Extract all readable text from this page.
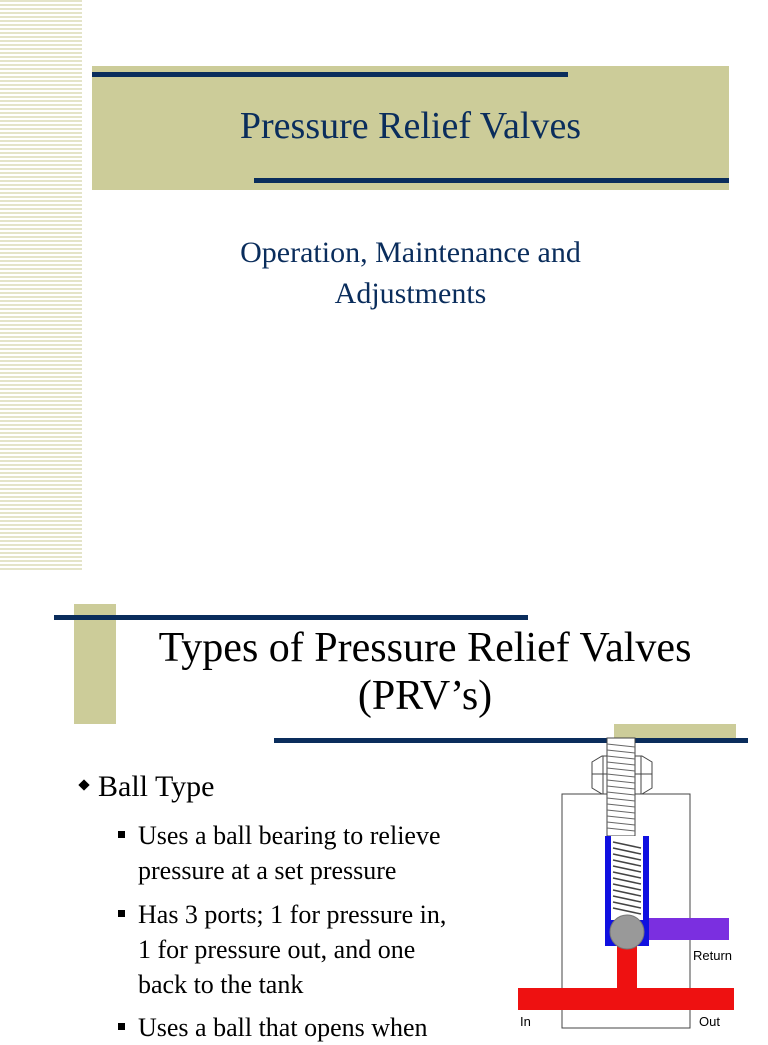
Pressure Relief Valves
Operation, Maintenance and
Adjustments
Types of Pressure Relief Valves
(PRV’s)
Ball Type
Uses a ball bearing to relieve
pressure at a set pressure
Has 3 ports; 1 for pressure in,
1 for pressure out, and one
back to the tank
Uses a ball that opens when
Return
In	Out
